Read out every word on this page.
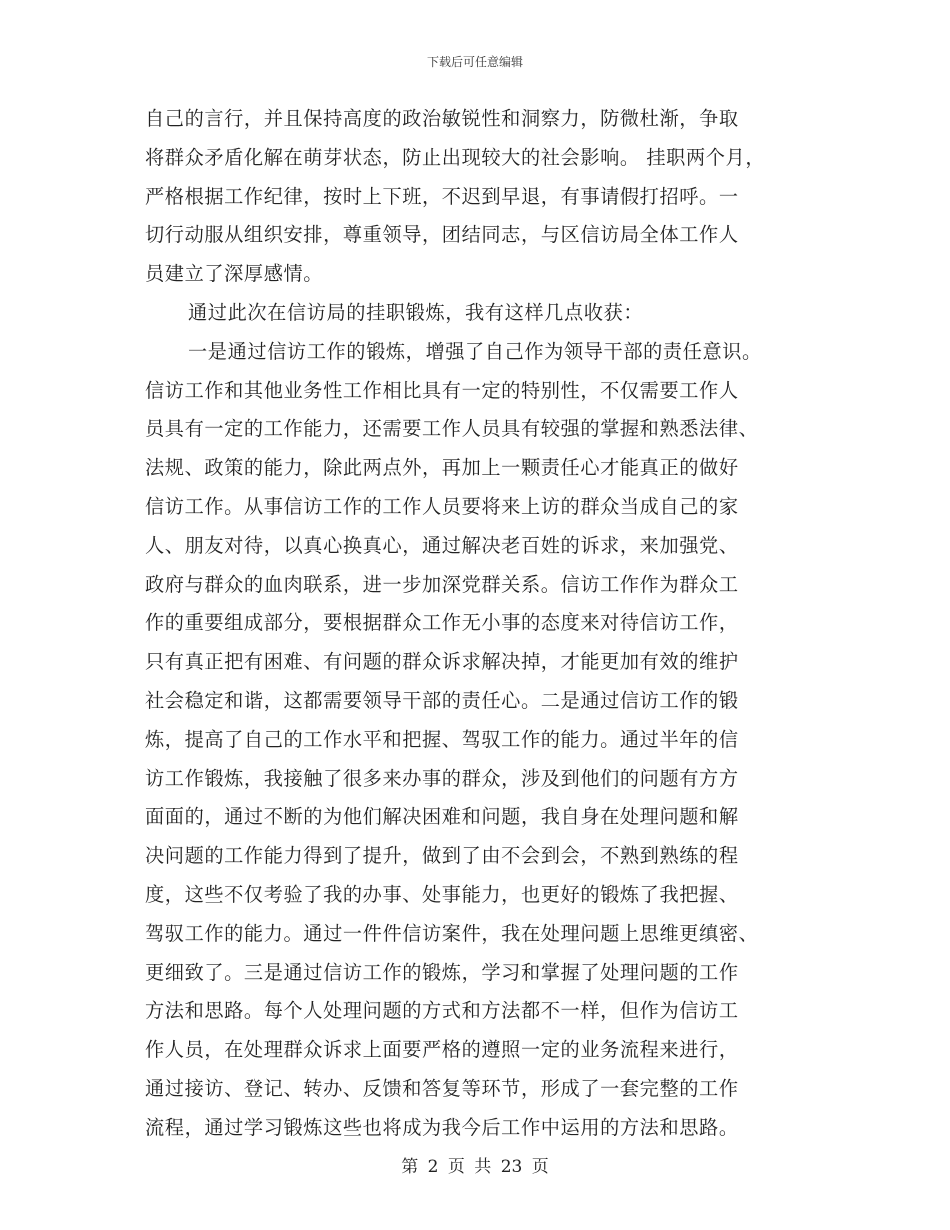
下载后可任意编辑
自己的言行，并且保持高度的政治敏锐性和洞察力，防微杜渐，争取
将群众矛盾化解在萌芽状态，防止出现较大的社会影响。 挂职两个月，
严格根据工作纪律，按时上下班，不迟到早退，有事请假打招呼。一
切行动服从组织安排，尊重领导，团结同志，与区信访局全体工作人
员建立了深厚感情。
通过此次在信访局的挂职锻炼，我有这样几点收获：
一是通过信访工作的锻炼，增强了自己作为领导干部的责任意识。
信访工作和其他业务性工作相比具有一定的特别性，不仅需要工作人
员具有一定的工作能力，还需要工作人员具有较强的掌握和熟悉法律、
法规、政策的能力，除此两点外，再加上一颗责任心才能真正的做好
信访工作。从事信访工作的工作人员要将来上访的群众当成自己的家
人、朋友对待，以真心换真心，通过解决老百姓的诉求，来加强党、
政府与群众的血肉联系，进一步加深党群关系。信访工作作为群众工
作的重要组成部分，要根据群众工作无小事的态度来对待信访工作，
只有真正把有困难、有问题的群众诉求解决掉，才能更加有效的维护
社会稳定和谐，这都需要领导干部的责任心。二是通过信访工作的锻
炼，提高了自己的工作水平和把握、驾驭工作的能力。通过半年的信
访工作锻炼，我接触了很多来办事的群众，涉及到他们的问题有方方
面面的，通过不断的为他们解决困难和问题，我自身在处理问题和解
决问题的工作能力得到了提升，做到了由不会到会，不熟到熟练的程
度，这些不仅考验了我的办事、处事能力，也更好的锻炼了我把握、
驾驭工作的能力。通过一件件信访案件，我在处理问题上思维更缜密、
更细致了。三是通过信访工作的锻炼，学习和掌握了处理问题的工作
方法和思路。每个人处理问题的方式和方法都不一样，但作为信访工
作人员，在处理群众诉求上面要严格的遵照一定的业务流程来进行，
通过接访、登记、转办、反馈和答复等环节，形成了一套完整的工作
流程，通过学习锻炼这些也将成为我今后工作中运用的方法和思路。
第 2 页 共 23 页
